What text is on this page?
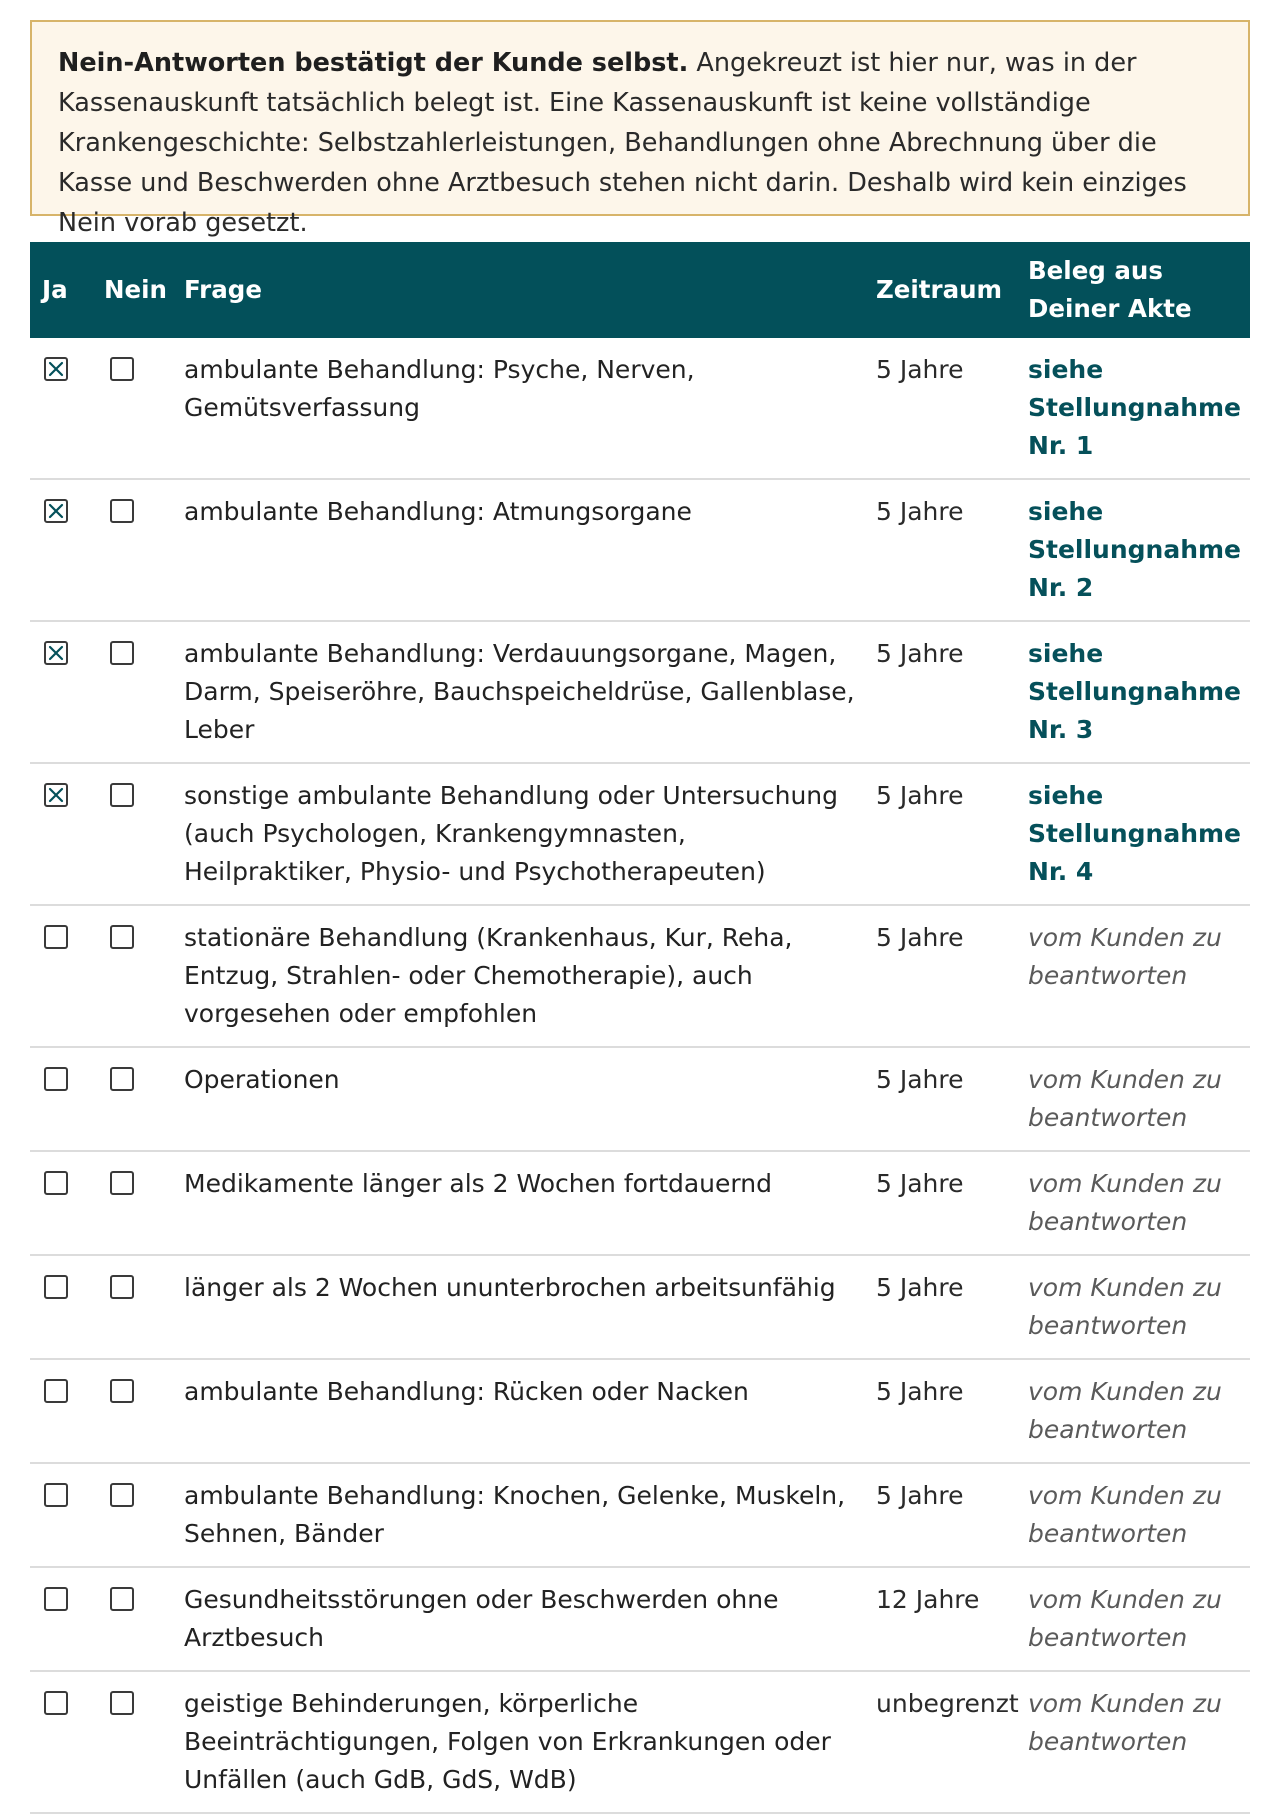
Nein-Antworten bestätigt der Kunde selbst. Angekreuzt ist hier nur, was in der Kassenauskunft tatsächlich belegt ist. Eine Kassenauskunft ist keine vollständige Krankengeschichte: Selbstzahlerleistungen, Behandlungen ohne Abrechnung über die Kasse und Beschwerden ohne Arztbesuch stehen nicht darin. Deshalb wird kein einziges Nein vorab gesetzt.
Ja	Nein	Frage	Zeitraum	Beleg aus Deiner Akte

	ambulante Behandlung: Psyche, Nerven, Gemütsverfassung	5 Jahre	siehe Stellungnahme Nr. 1

	ambulante Behandlung: Atmungsorgane	5 Jahre	siehe Stellungnahme Nr. 2

	ambulante Behandlung: Verdauungsorgane, Magen, Darm, Speiseröhre, Bauchspeicheldrüse, Gallenblase, Leber	5 Jahre	siehe Stellungnahme Nr. 3

	sonstige ambulante Behandlung oder Untersuchung (auch Psychologen, Krankengymnasten, Heilpraktiker, Physio- und Psychotherapeuten)	5 Jahre	siehe Stellungnahme Nr. 4

	stationäre Behandlung (Krankenhaus, Kur, Reha, Entzug, Strahlen- oder Chemotherapie), auch vorgesehen oder empfohlen	5 Jahre	vom Kunden zu beantworten

	Operationen	5 Jahre	vom Kunden zu beantworten

	Medikamente länger als 2 Wochen fortdauernd	5 Jahre	vom Kunden zu beantworten

	länger als 2 Wochen ununterbrochen arbeitsunfähig	5 Jahre	vom Kunden zu beantworten

	ambulante Behandlung: Rücken oder Nacken	5 Jahre	vom Kunden zu beantworten

	ambulante Behandlung: Knochen, Gelenke, Muskeln, Sehnen, Bänder	5 Jahre	vom Kunden zu beantworten

	Gesundheitsstörungen oder Beschwerden ohne Arztbesuch	12 Jahre	vom Kunden zu beantworten

	geistige Behinderungen, körperliche Beeinträchtigungen, Folgen von Erkrankungen oder Unfällen (auch GdB, GdS, WdB)	unbegrenzt	vom Kunden zu beantworten
